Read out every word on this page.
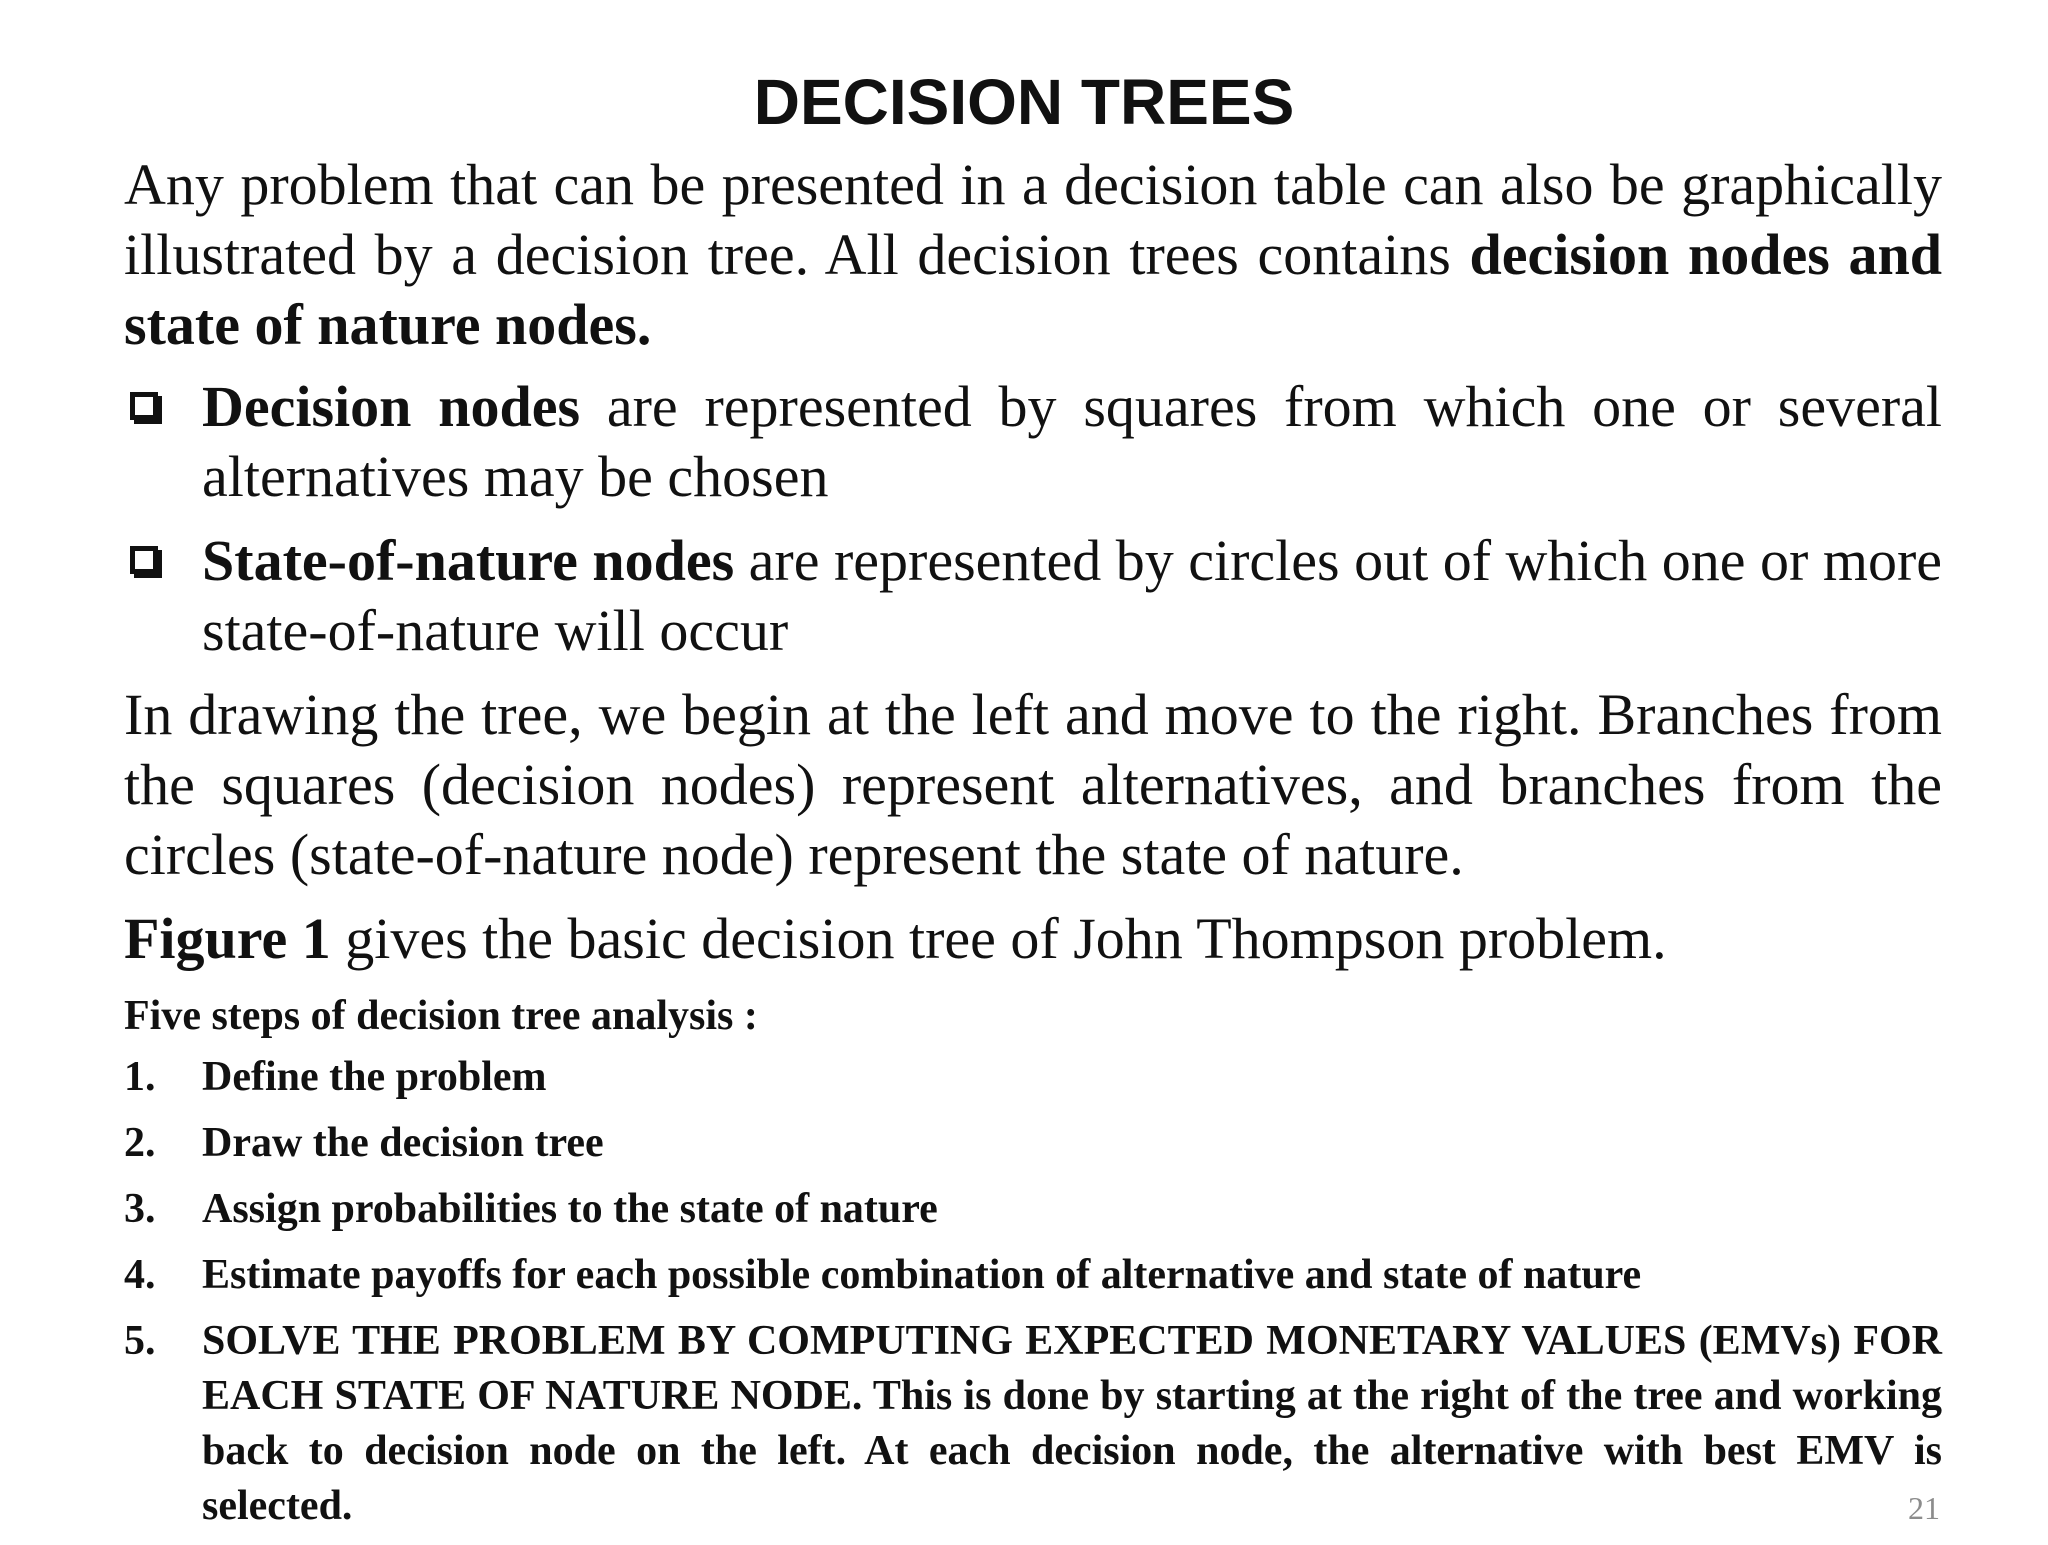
DECISION TREES

Any problem that can be presented in a decision table can also be graphically illustrated by a decision tree. All decision trees contains decision nodes and state of nature nodes.

Decision nodes are represented by squares from which one or several alternatives may be chosen
State-of-nature nodes are represented by circles out of which one or more state-of-nature will occur

In drawing the tree, we begin at the left and move to the right. Branches from the squares (decision nodes) represent alternatives, and branches from the circles (state-of-nature node) represent the state of nature.

Figure 1 gives the basic decision tree of John Thompson problem.

Five steps of decision tree analysis :

1. Define the problem
2. Draw the decision tree
3. Assign probabilities to the state of nature
4. Estimate payoffs for each possible combination of alternative and state of nature
5. SOLVE THE PROBLEM BY COMPUTING EXPECTED MONETARY VALUES (EMVs) FOR EACH STATE OF NATURE NODE. This is done by starting at the right of the tree and working back to decision node on the left. At each decision node, the alternative with best EMV is selected.	21
